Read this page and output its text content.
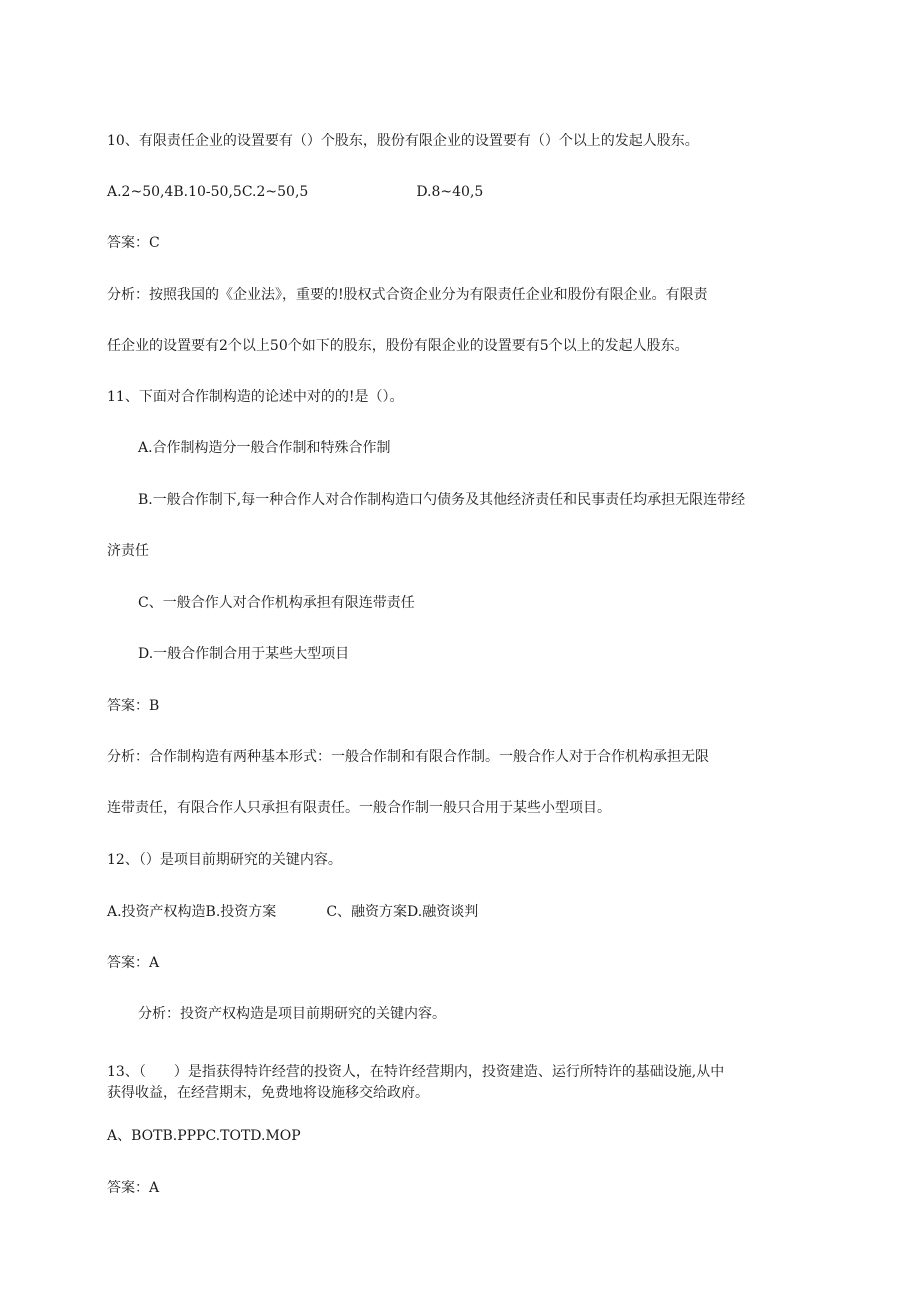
10、有限责任企业的设置要有（）个股东，股份有限企业的设置要有（）个以上的发起人股东。
A.2~50,4B.10-50,5C.2~50,5	D.8~40,5
答案：C
分析：按照我国的《企业法》，重要的!股权式合资企业分为有限责任企业和股份有限企业。有限责
任企业的设置要有2个以上50个如下的股东，股份有限企业的设置要有5个以上的发起人股东。
11、下面对合作制构造的论述中对的的!是（）。
A.合作制构造分一般合作制和特殊合作制
B.一般合作制下,每一种合作人对合作制构造口勺债务及其他经济责任和民事责任均承担无限连带经
济责任
C、一般合作人对合作机构承担有限连带责任
D.一般合作制合用于某些大型项目
答案：B
分析：合作制构造有两种基本形式：一般合作制和有限合作制。一般合作人对于合作机构承担无限
连带责任，有限合作人只承担有限责任。一般合作制一般只合用于某些小型项目。
12、（）是项目前期研究的关键内容。
A.投资产权构造B.投资方案	C、融资方案D.融资谈判
答案：A
分析：投资产权构造是项目前期研究的关键内容。
13、（　　）是指获得特许经营的投资人，在特许经营期内，投资建造、运行所特许的基础设施,从中
获得收益，在经营期末，免费地将设施移交给政府。
A、BOTB.PPPC.TOTD.MOP
答案：A
